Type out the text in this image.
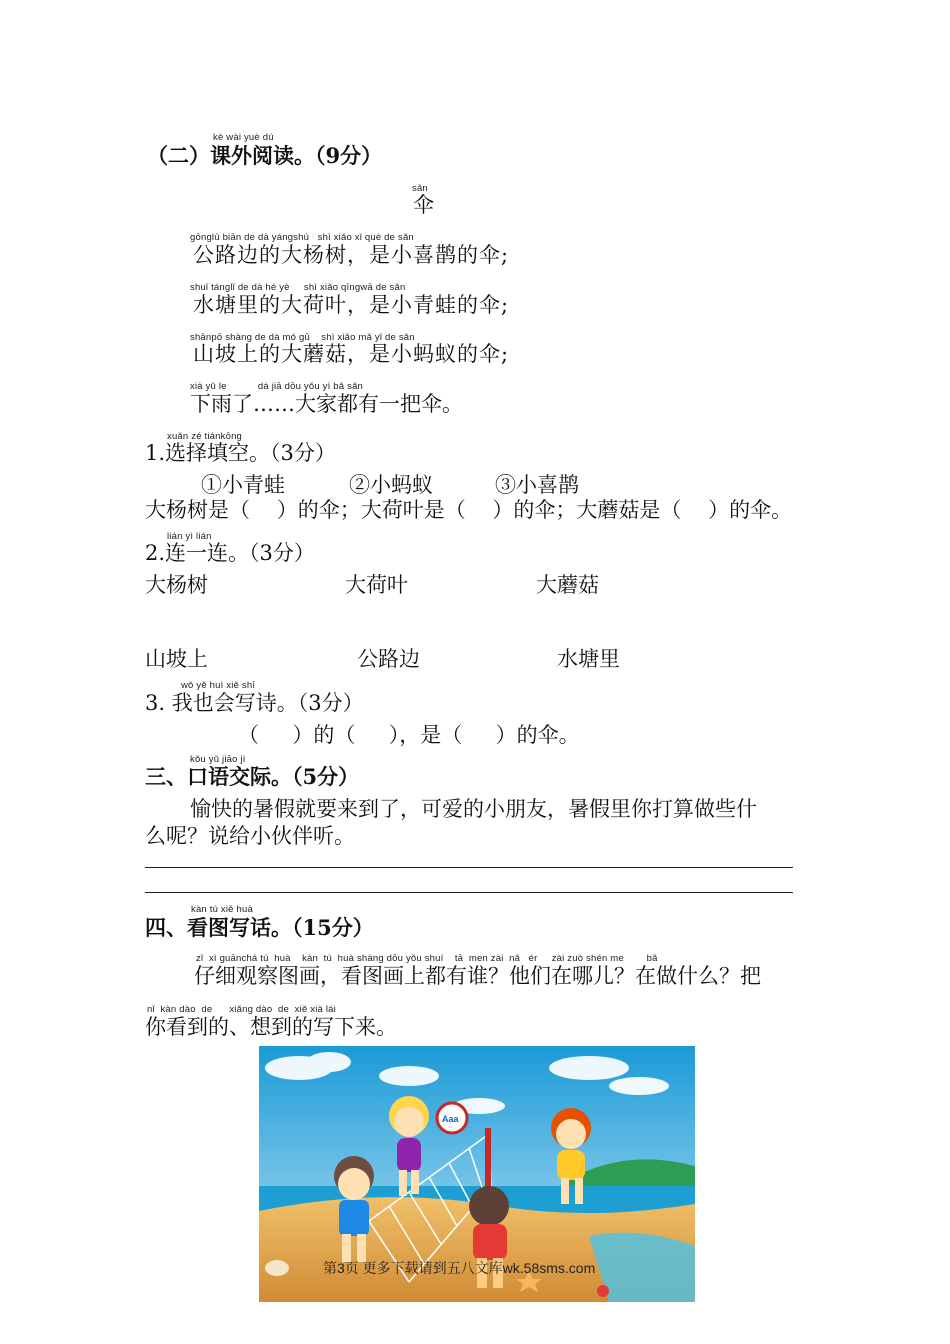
kè wài yuè dú
（二）课外阅读。（9分）
sǎn
伞
gōnglù biān de dà yángshù   shì xiǎo xǐ què de sǎn
公路边的大杨树，是小喜鹊的伞;
shuǐ tánglǐ de dà hé yè     shì xiǎo qīngwā de sǎn
水塘里的大荷叶，是小青蛙的伞;
shānpō shàng de dà mó gū    shì xiǎo mǎ yǐ de sǎn
山坡上的大蘑菇，是小蚂蚁的伞;
xià yǔ le           dà jiā dōu yǒu yì bǎ sǎn
下雨了……大家都有一把伞。
xuǎn zé tiánkōng
1.选择填空。（3分）
①小青蛙	②小蚂蚁	③小喜鹊
大杨树是（    ）的伞；大荷叶是（    ）的伞；大蘑菇是（    ）的伞。
lián yì lián
2.连一连。（3分）
大杨树	大荷叶	大蘑菇
山坡上	公路边	水塘里
wǒ yě huì xiě shī
3. 我也会写诗。（3分）
（     ）的（     ），是（     ）的伞。
kǒu yǔ jiāo jì
三、口语交际。（5分）
愉快的暑假就要来到了，可爱的小朋友，暑假里你打算做些什
么呢？说给小伙伴听。
kàn tú xiě huà
四、看图写话。（15分）
zǐ  xì guānchá tú  huà    kàn  tú  huà shàng dōu yǒu shuí    tā  men zài  nǎ   ér     zài zuò shén me        bǎ
仔细观察图画，看图画上都有谁？他们在哪儿？在做什么？把
nǐ  kàn dào  de      xiǎng dào  de  xiě xià lái
你看到的、想到的写下来。
Aaa
第3页 更多下载请到五八文库wk.58sms.com
